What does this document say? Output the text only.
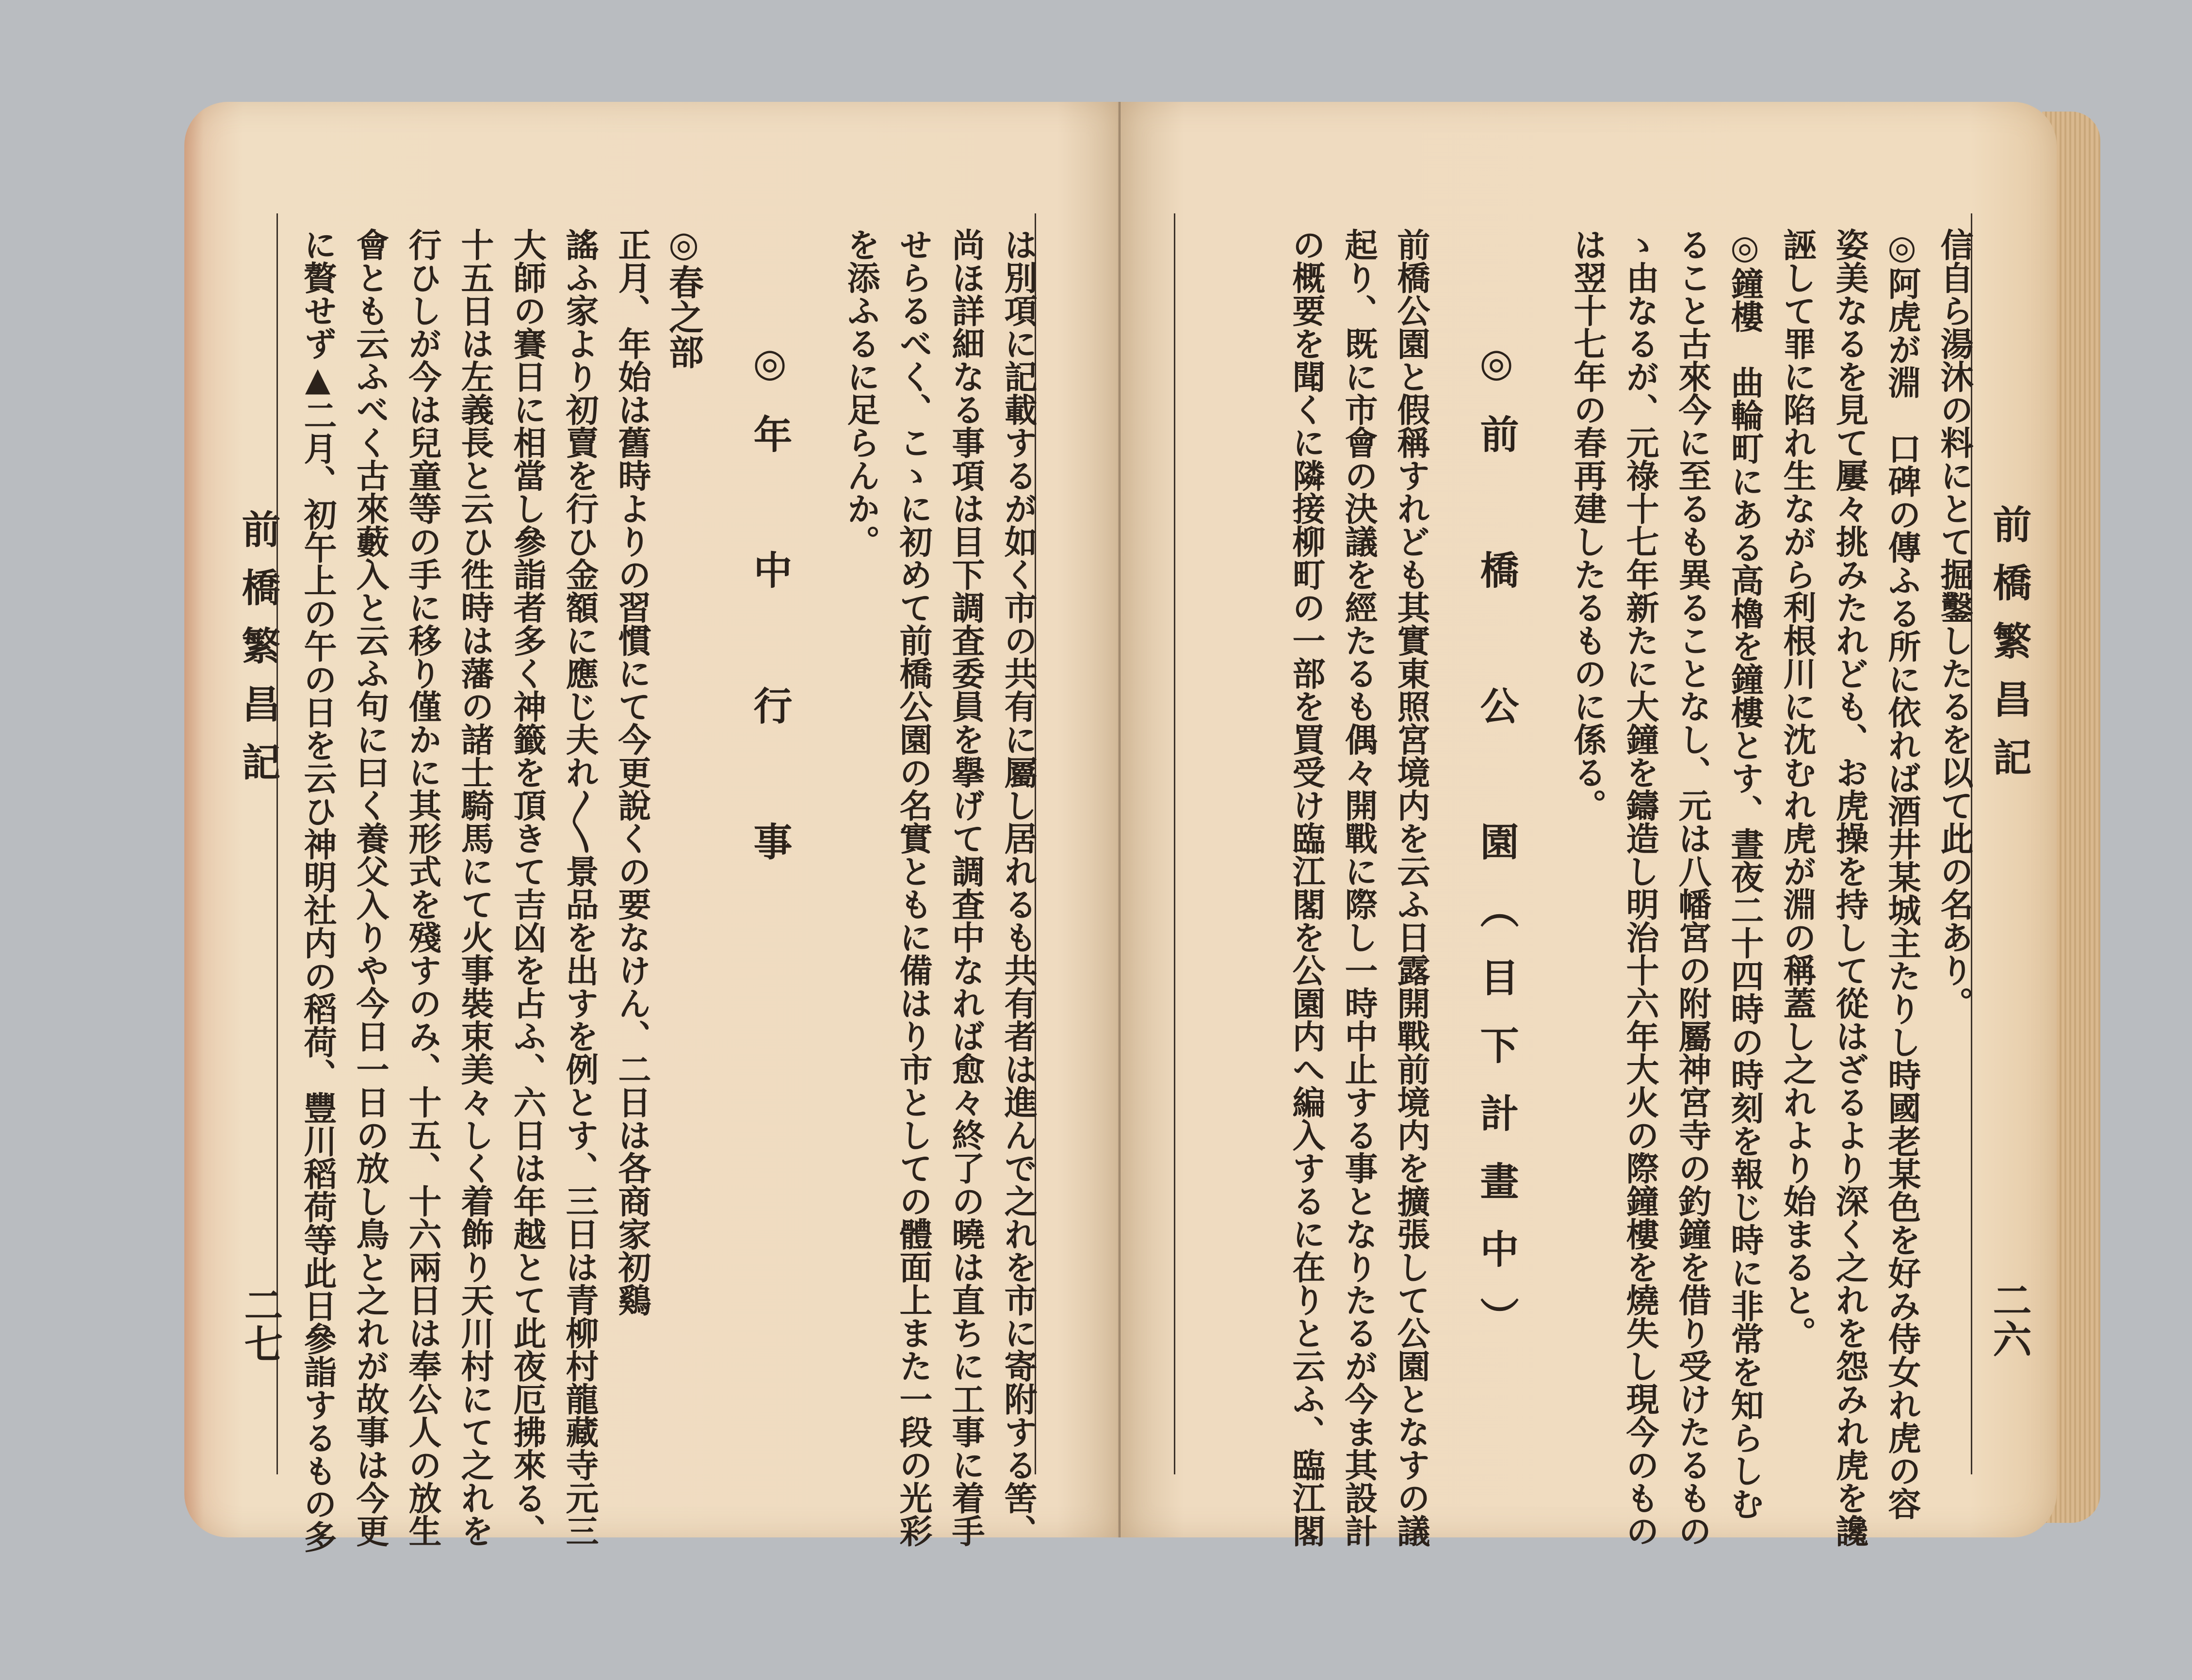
前橋繁昌記	は別項に記載するが如く市の共有に屬し居れるも共有者は進んで之れを市に寄附する筈、
尚ほ詳細なる事項は目下調査委員を擧げて調査中なれば愈々終了の曉は直ちに工事に着手
せらるべく、こゝに初めて前橋公園の名實ともに備はり市としての體面上また一段の光彩
を添ふるに足らんか。
◎年　中　行　事
◎春之部
正月、年始は舊時よりの習慣にて今更說くの要なけん、二日は各商家初鷄
謠ふ家より初賣を行ひ金額に應じ夫れ〳〵景品を出すを例とす、三日は青柳村龍藏寺元三
大師の賽日に相當し參詣者多く神籤を頂きて吉凶を占ふ、六日は年越とて此夜厄拂來る、
十五日は左義長と云ひ徃時は藩の諸士騎馬にて火事裝束美々しく着飾り天川村にて之れを
行ひしが今は兒童等の手に移り僅かに其形式を殘すのみ、十五、十六兩日は奉公人の放生
會とも云ふべく古來藪入と云ふ句に曰く養父入りや今日一日の放し鳥と之れが故事は今更
に贅せず▲二月、初午上の午の日を云ひ神明社内の稻荷、豐川稻荷等此日參詣するもの多
二七
前橋繁昌記
信自ら湯沐の料にとて掘鑿したるを以て此の名あり。
◎阿虎が淵　口碑の傳ふる所に依れば酒井某城主たりし時國老某色を好み侍女れ虎の容
姿美なるを見て屢々挑みたれども、お虎操を持して從はざるより深く之れを怨みれ虎を讒
誣して罪に陷れ生ながら利根川に沈むれ虎が淵の稱蓋し之れより始まると。
◎鐘樓　曲輪町にある高櫓を鐘樓とす、晝夜二十四時の時刻を報じ時に非常を知らしむ
ること古來今に至るも異ることなし、元は八幡宮の附屬神宮寺の釣鐘を借り受けたるもの
ゝ由なるが、元祿十七年新たに大鐘を鑄造し明治十六年大火の際鐘樓を燒失し現今のもの
は翌十七年の春再建したるものに係る。
◎前　橋　公　園（目下計畫中）
前橋公園と假稱すれども其實東照宮境内を云ふ日露開戰前境内を擴張して公園となすの議
起り、既に市會の決議を經たるも偶々開戰に際し一時中止する事となりたるが今ま其設計
の概要を聞くに隣接柳町の一部を買受け臨江閣を公園内へ編入するに在りと云ふ、臨江閣	二六
